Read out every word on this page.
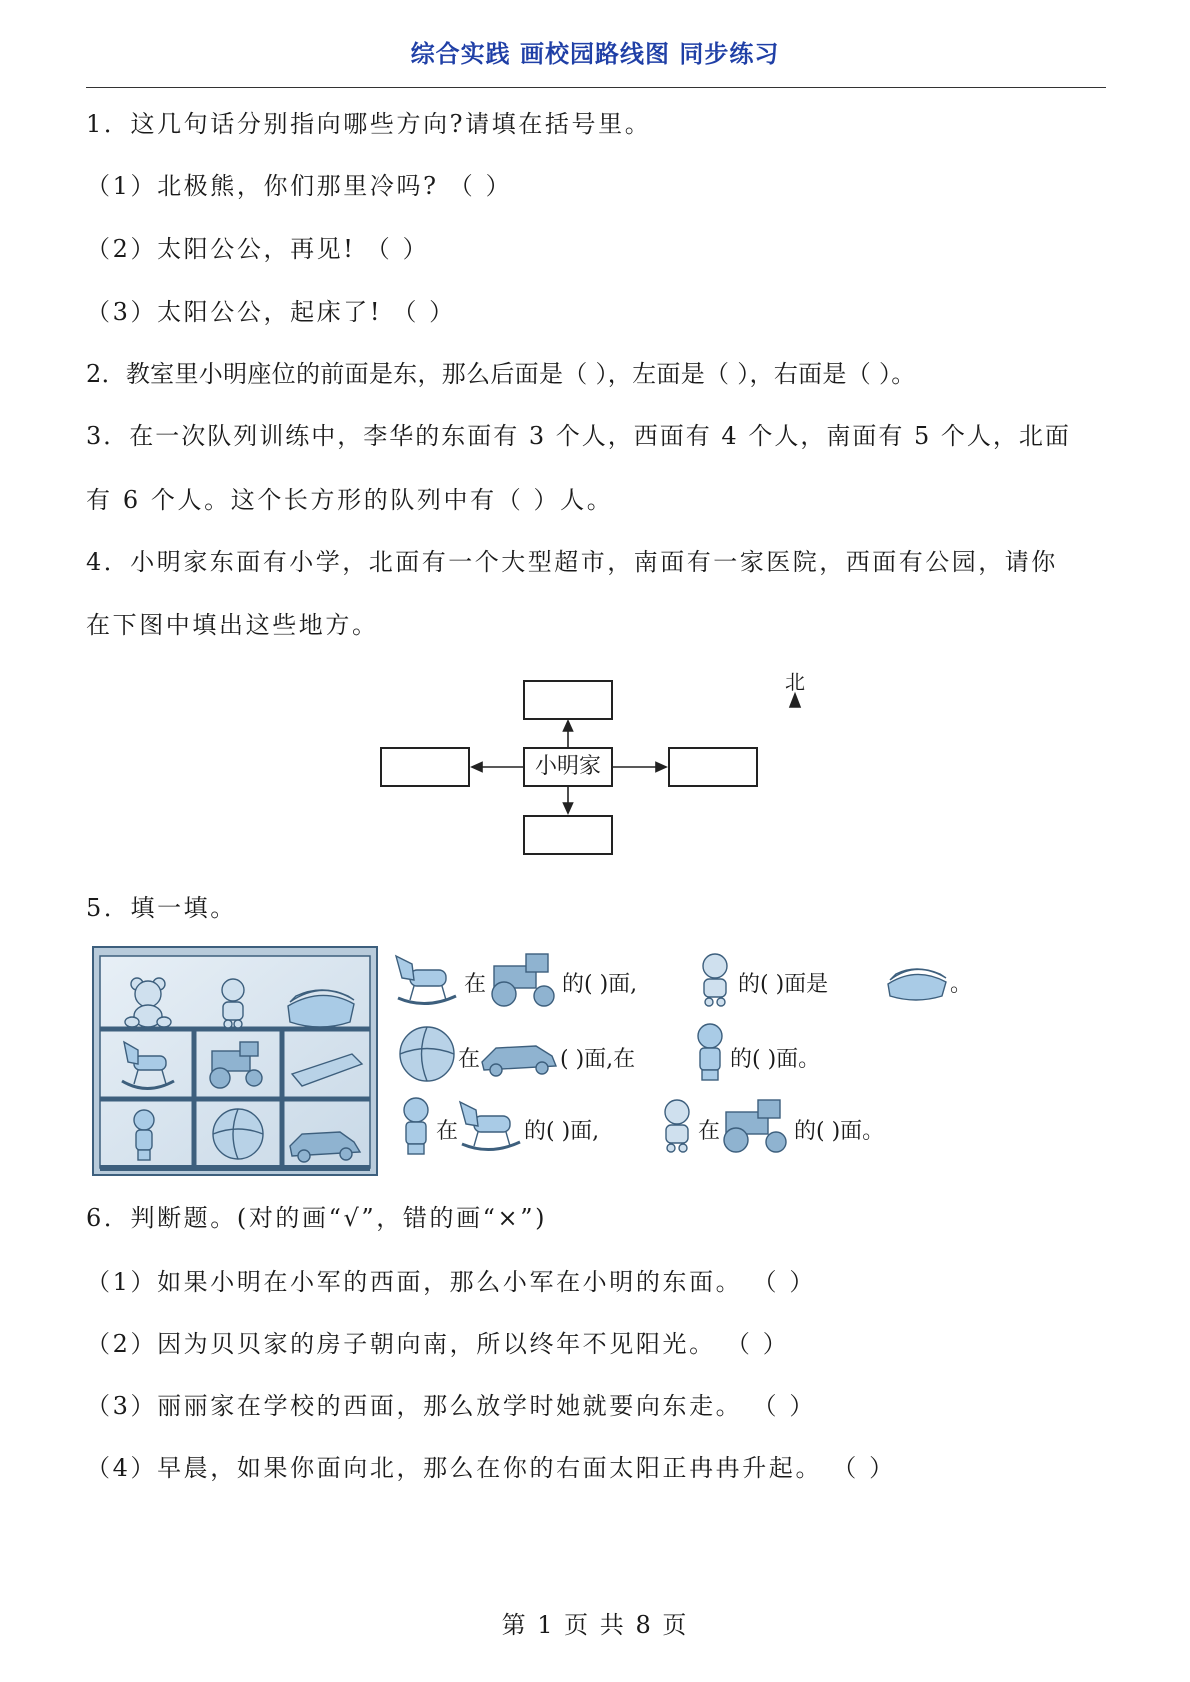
综合实践 画校园路线图 同步练习
1．这几句话分别指向哪些方向?请填在括号里。
（1）北极熊，你们那里冷吗? （ ）
（2）太阳公公，再见! （ ）
（3）太阳公公，起床了! （ ）
2．教室里小明座位的前面是东，那么后面是（ ），左面是（ ），右面是（ ）。
3．在一次队列训练中，李华的东面有 3 个人，西面有 4 个人，南面有 5 个人，北面
有 6 个人。这个长方形的队列中有（ ）人。
4．小明家东面有小学，北面有一个大型超市，南面有一家医院，西面有公园，请你
在下图中填出这些地方。
小明家
北
5．填一填。
在	的( )面,	的( )面是	。
在	( )面,在	的( )面。
在	的( )面,	在	的( )面。
6．判断题。(对的画“√”，错的画“×”)
（1）如果小明在小军的西面，那么小军在小明的东面。 （ ）
（2）因为贝贝家的房子朝向南，所以终年不见阳光。 （ ）
（3）丽丽家在学校的西面，那么放学时她就要向东走。 （ ）
（4）早晨，如果你面向北，那么在你的右面太阳正冉冉升起。 （ ）
第 1 页 共 8 页
